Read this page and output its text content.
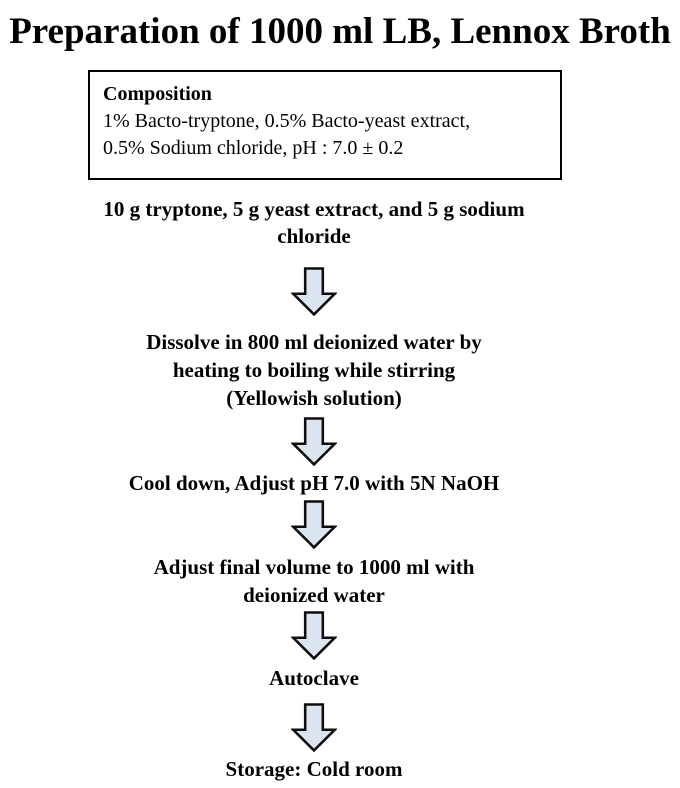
Preparation of 1000 ml LB, Lennox Broth
Composition
1% Bacto-tryptone, 0.5% Bacto-yeast extract,
0.5% Sodium chloride, pH : 7.0 ± 0.2
10 g tryptone, 5 g yeast extract, and 5 g sodium
chloride
Dissolve in 800 ml deionized water by
heating to boiling while stirring
(Yellowish solution)
Cool down, Adjust pH 7.0 with 5N NaOH
Adjust final volume to 1000 ml with
deionized water
Autoclave
Storage: Cold room
